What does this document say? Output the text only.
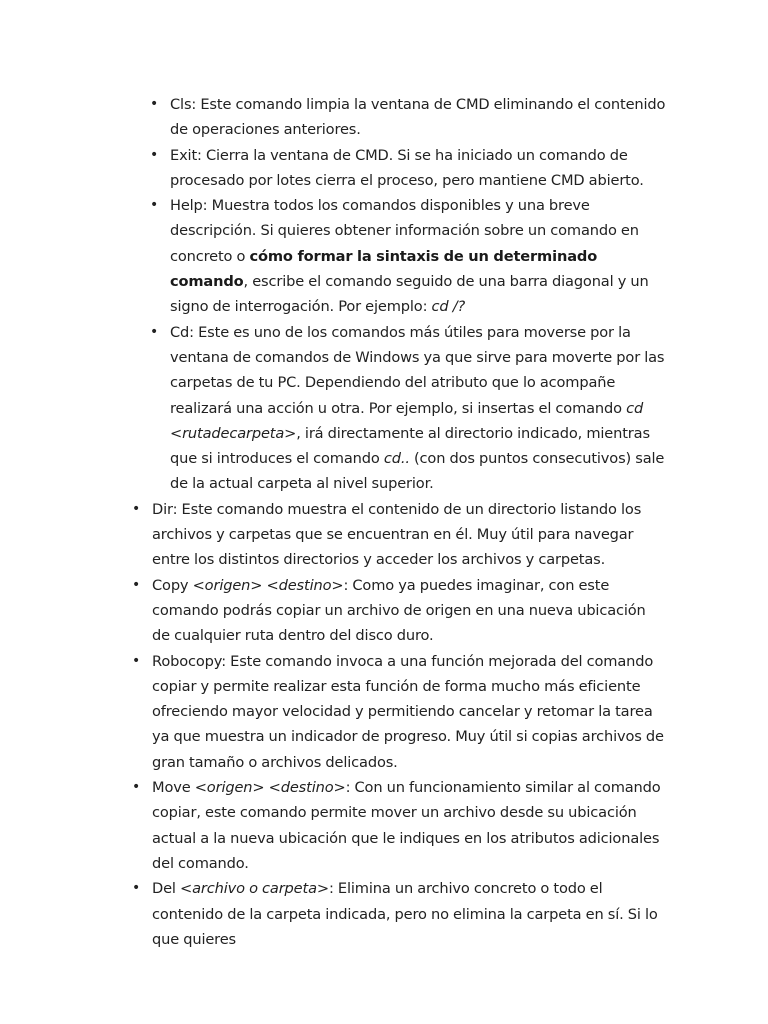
• Cls: Este comando limpia la ventana de CMD eliminando el contenido de operaciones anteriores.
• Exit: Cierra la ventana de CMD. Si se ha iniciado un comando de procesado por lotes cierra el proceso, pero mantiene CMD abierto.
• Help: Muestra todos los comandos disponibles y una breve descripción. Si quieres obtener información sobre un comando en concreto o cómo formar la sintaxis de un determinado comando, escribe el comando seguido de una barra diagonal y un signo de interrogación. Por ejemplo: cd /?
• Cd: Este es uno de los comandos más útiles para moverse por la ventana de comandos de Windows ya que sirve para moverte por las carpetas de tu PC. Dependiendo del atributo que lo acompañe realizará una acción u otra. Por ejemplo, si insertas el comando cd <rutadecarpeta>, irá directamente al directorio indicado, mientras que si introduces el comando cd.. (con dos puntos consecutivos) sale de la actual carpeta al nivel superior.
• Dir: Este comando muestra el contenido de un directorio listando los archivos y carpetas que se encuentran en él. Muy útil para navegar entre los distintos directorios y acceder los archivos y carpetas.
• Copy <origen> <destino>: Como ya puedes imaginar, con este comando podrás copiar un archivo de origen en una nueva ubicación de cualquier ruta dentro del disco duro.
• Robocopy: Este comando invoca a una función mejorada del comando copiar y permite realizar esta función de forma mucho más eficiente ofreciendo mayor velocidad y permitiendo cancelar y retomar la tarea ya que muestra un indicador de progreso. Muy útil si copias archivos de gran tamaño o archivos delicados.
• Move <origen> <destino>: Con un funcionamiento similar al comando copiar, este comando permite mover un archivo desde su ubicación actual a la nueva ubicación que le indiques en los atributos adicionales del comando.
• Del <archivo o carpeta>: Elimina un archivo concreto o todo el contenido de la carpeta indicada, pero no elimina la carpeta en sí. Si lo que quieres
